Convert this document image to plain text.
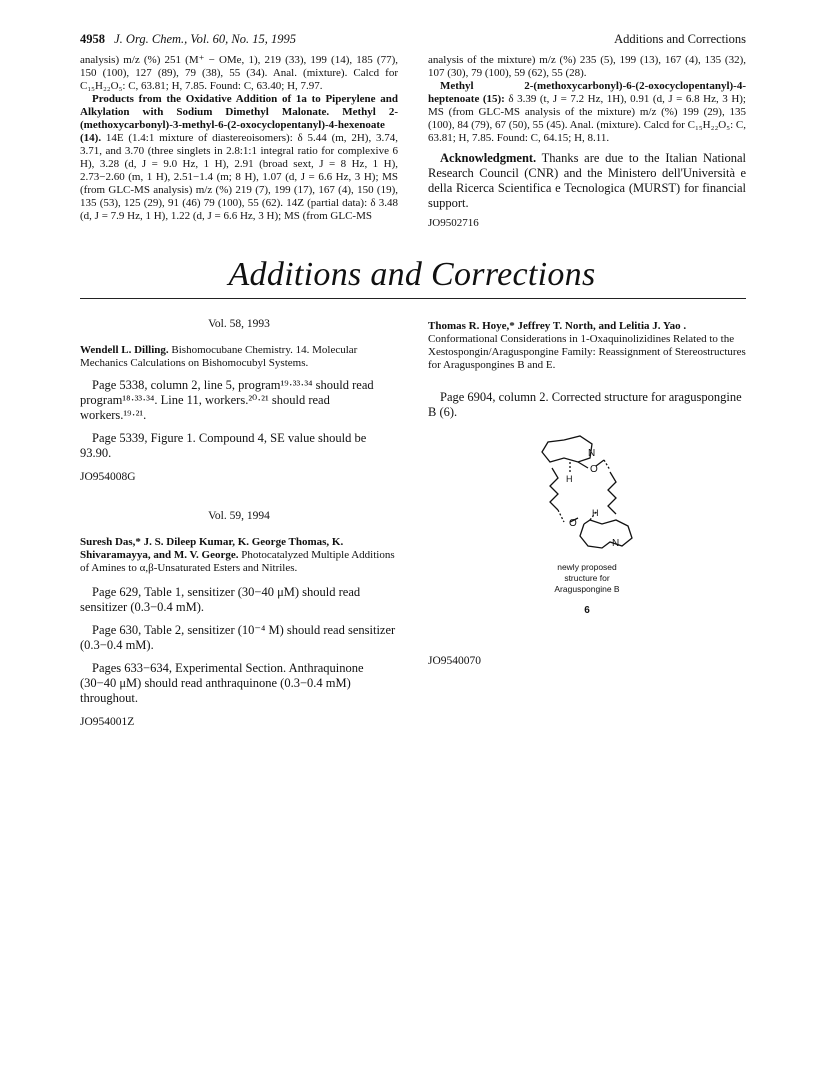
4958 J. Org. Chem., Vol. 60, No. 15, 1995	Additions and Corrections

analysis) m/z (%) 251 (M⁺ − OMe, 1), 219 (33), 199 (14), 185 (77), 150 (100), 127 (89), 79 (38), 55 (34). Anal. (mixture). Calcd for C₁₅H₂₂O₅: C, 63.81; H, 7.85. Found: C, 63.40; H, 7.97.

Products from the Oxidative Addition of 1a to Piperylene and Alkylation with Sodium Dimethyl Malonate. Methyl 2-(methoxycarbonyl)-3-methyl-6-(2-oxocyclopentanyl)-4-hexenoate (14). 14E (1.4:1 mixture of diastereoisomers): δ 5.44 (m, 2H), 3.74, 3.71, and 3.70 (three singlets in 2.8:1:1 integral ratio for complexive 6 H), 3.28 (d, J = 9.0 Hz, 1 H), 2.91 (broad sext, J = 8 Hz, 1 H), 2.73−2.60 (m, 1 H), 2.51−1.4 (m; 8 H), 1.07 (d, J = 6.6 Hz, 3 H); MS (from GLC-MS analysis) m/z (%) 219 (7), 199 (17), 167 (4), 150 (19), 135 (53), 125 (29), 91 (46) 79 (100), 55 (62). 14Z (partial data): δ 3.48 (d, J = 7.9 Hz, 1 H), 1.22 (d, J = 6.6 Hz, 3 H); MS (from GLC-MS

analysis of the mixture) m/z (%) 235 (5), 199 (13), 167 (4), 135 (32), 107 (30), 79 (100), 59 (62), 55 (28).

Methyl 2-(methoxycarbonyl)-6-(2-oxocyclopentanyl)-4-heptenoate (15): δ 3.39 (t, J = 7.2 Hz, 1H), 0.91 (d, J = 6.8 Hz, 3 H); MS (from GLC-MS analysis of the mixture) m/z (%) 199 (29), 135 (100), 84 (79), 67 (50), 55 (45). Anal. (mixture). Calcd for C₁₅H₂₂O₅: C, 63.81; H, 7.85. Found: C, 64.15; H, 8.11.

Acknowledgment. Thanks are due to the Italian National Research Council (CNR) and the Ministero dell'Università e della Ricerca Scientifica e Tecnologica (MURST) for financial support.

JO9502716

Additions and Corrections

Vol. 58, 1993

Wendell L. Dilling. Bishomocubane Chemistry. 14. Molecular Mechanics Calculations on Bishomocubyl Systems.

Page 5338, column 2, line 5, program¹⁹·³³·³⁴ should read program¹⁸·³³·³⁴. Line 11, workers.²⁰·²¹ should read workers.¹⁹·²¹.

Page 5339, Figure 1. Compound 4, SE value should be 93.90.

JO954008G

Vol. 59, 1994

Suresh Das,* J. S. Dileep Kumar, K. George Thomas, K. Shivaramayya, and M. V. George. Photocatalyzed Multiple Additions of Amines to α,β-Unsaturated Esters and Nitriles.

Page 629, Table 1, sensitizer (30−40 μM) should read sensitizer (0.3−0.4 mM).

Page 630, Table 2, sensitizer (10⁻⁴ M) should read sensitizer (0.3−0.4 mM).

Pages 633−634, Experimental Section. Anthraquinone (30−40 μM) should read anthraquinone (0.3−0.4 mM) throughout.

JO954001Z

Thomas R. Hoye,* Jeffrey T. North, and Lelitia J. Yao .
Conformational Considerations in 1-Oxaquinolizidines Related to the Xestospongin/Araguspongine Family: Reassignment of Stereostructures for Araguspongines B and E.

Page 6904, column 2. Corrected structure for araguspongine B (6).

N
O
H
O
H
N
newly proposed
structure for
Araguspongine B
6
JO9540070
